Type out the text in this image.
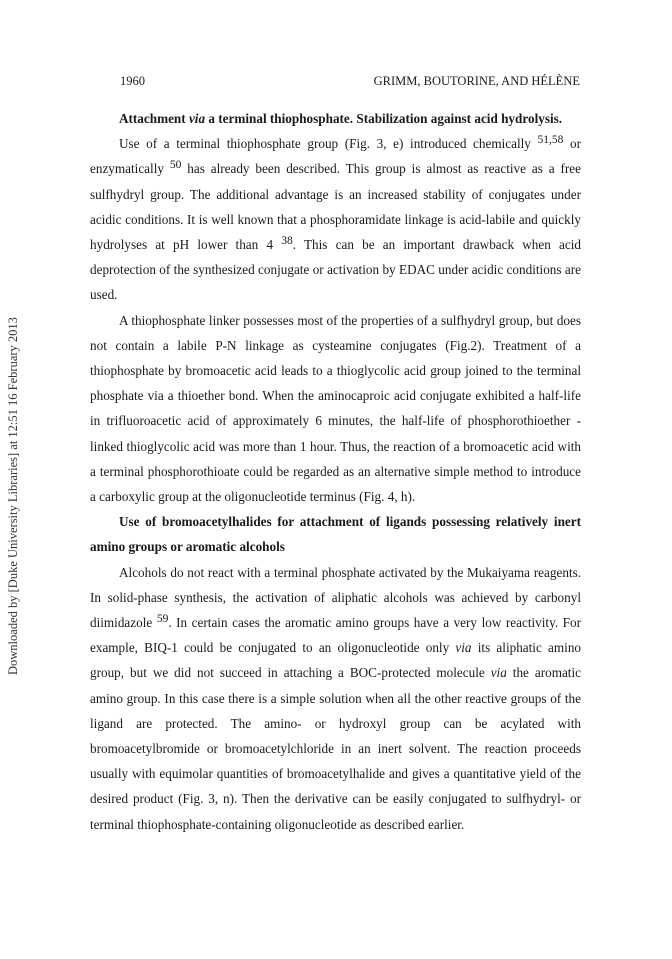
Downloaded by [Duke University Libraries] at 12:51 16 February 2013
1960	GRIMM, BOUTORINE, AND HÉLÈNE

Attachment via a terminal thiophosphate. Stabilization against acid hydrolysis.

Use of a terminal thiophosphate group (Fig. 3, e) introduced chemically $^{51,58}$ or enzymatically $^{50}$ has already been described. This group is almost as reactive as a free sulfhydryl group. The additional advantage is an increased stability of conjugates under acidic conditions. It is well known that a phosphoramidate linkage is acid-labile and quickly hydrolyses at pH lower than 4 $^{38}$. This can be an important drawback when acid deprotection of the synthesized conjugate or activation by EDAC under acidic conditions are used.

A thiophosphate linker possesses most of the properties of a sulfhydryl group, but does not contain a labile P-N linkage as cysteamine conjugates (Fig.2). Treatment of a thiophosphate by bromoacetic acid leads to a thioglycolic acid group joined to the terminal phosphate via a thioether bond. When the aminocaproic acid conjugate exhibited a half-life in trifluoroacetic acid of approximately 6 minutes, the half-life of phosphorothioether -linked thioglycolic acid was more than 1 hour. Thus, the reaction of a bromoacetic acid with a terminal phosphorothioate could be regarded as an alternative simple method to introduce a carboxylic group at the oligonucleotide terminus (Fig. 4, h).

Use of bromoacetylhalides for attachment of ligands possessing relatively inert amino groups or aromatic alcohols

Alcohols do not react with a terminal phosphate activated by the Mukaiyama reagents. In solid-phase synthesis, the activation of aliphatic alcohols was achieved by carbonyl diimidazole $^{59}$. In certain cases the aromatic amino groups have a very low reactivity. For example, BIQ-1 could be conjugated to an oligonucleotide only via its aliphatic amino group, but we did not succeed in attaching a BOC-protected molecule via the aromatic amino group. In this case there is a simple solution when all the other reactive groups of the ligand are protected. The amino- or hydroxyl group can be acylated with bromoacetylbromide or bromoacetylchloride in an inert solvent. The reaction proceeds usually with equimolar quantities of bromoacetylhalide and gives a quantitative yield of the desired product (Fig. 3, n). Then the derivative can be easily conjugated to sulfhydryl- or terminal thiophosphate-containing oligonucleotide as described earlier.
